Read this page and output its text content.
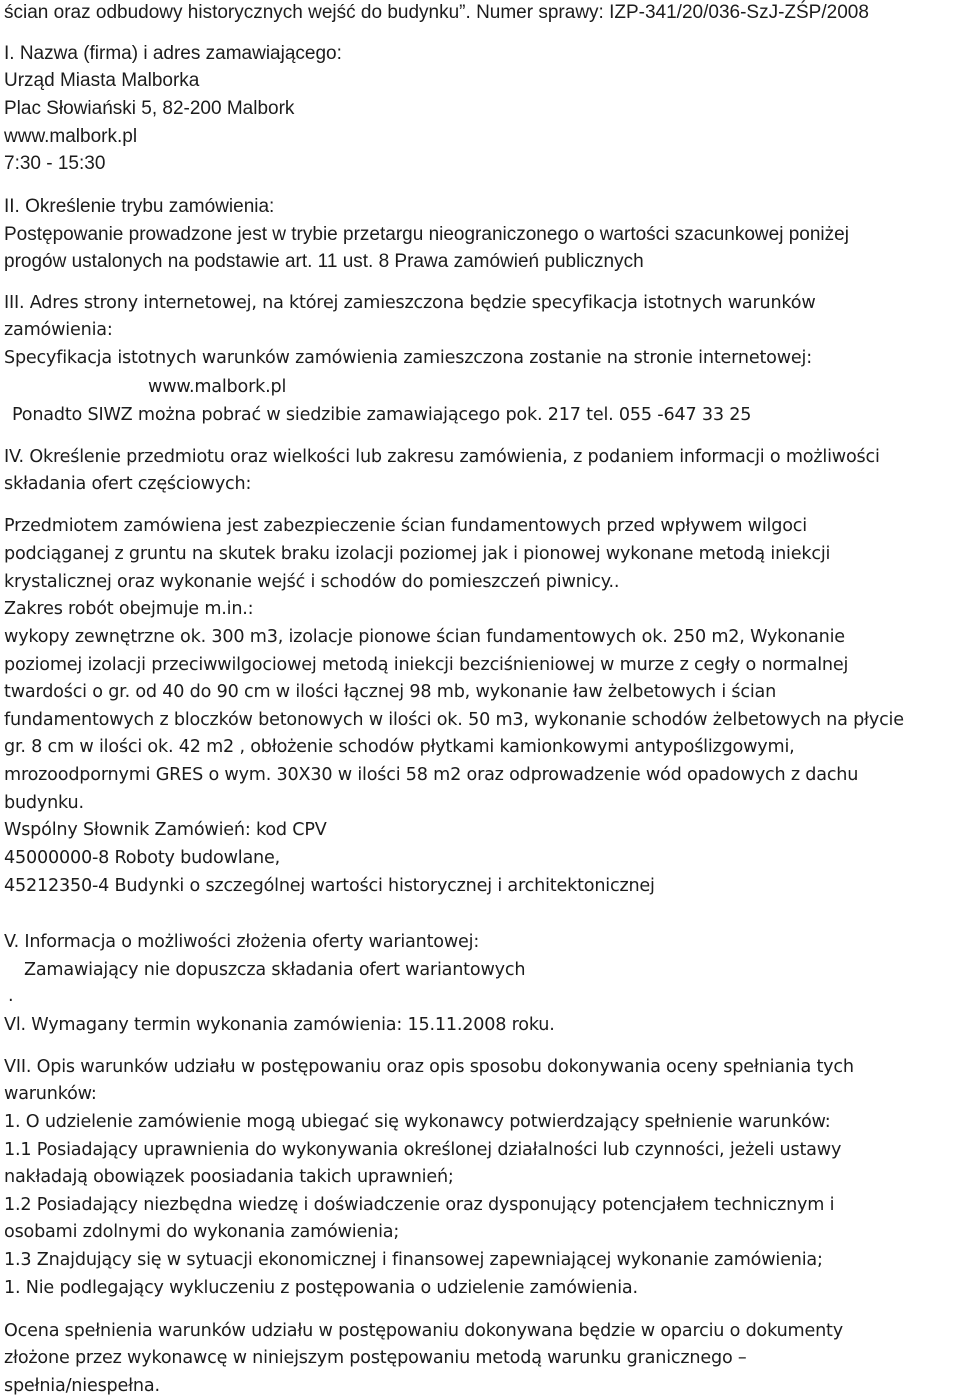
ścian oraz odbudowy historycznych wejść do budynku”. Numer sprawy: IZP-341/20/036-SzJ-ZŚP/2008
I. Nazwa (firma) i adres zamawiającego:
Urząd Miasta Malborka
Plac Słowiański 5, 82-200 Malbork
www.malbork.pl
7:30 - 15:30
II. Określenie trybu zamówienia:
Postępowanie prowadzone jest w trybie przetargu nieograniczonego o wartości szacunkowej poniżej
progów ustalonych na podstawie art. 11 ust. 8 Prawa zamówień publicznych
III. Adres strony internetowej, na której zamieszczona będzie specyfikacja istotnych warunków
zamówienia:
Specyfikacja istotnych warunków zamówienia zamieszczona zostanie na stronie internetowej:
www.malbork.pl
Ponadto SIWZ można pobrać w siedzibie zamawiającego pok. 217 tel. 055 -647 33 25
IV. Określenie przedmiotu oraz wielkości lub zakresu zamówienia, z podaniem informacji o możliwości
składania ofert częściowych:
Przedmiotem zamówiena jest zabezpieczenie ścian fundamentowych przed wpływem wilgoci
podciąganej z gruntu na skutek braku izolacji poziomej jak i pionowej wykonane metodą iniekcji
krystalicznej oraz wykonanie wejść i schodów do pomieszczeń piwnicy..
Zakres robót obejmuje m.in.:
wykopy zewnętrzne ok. 300 m3, izolacje pionowe ścian fundamentowych ok. 250 m2, Wykonanie
poziomej izolacji przeciwwilgociowej metodą iniekcji bezciśnieniowej w murze z cegły o normalnej
twardości o gr. od 40 do 90 cm w ilości łącznej 98 mb, wykonanie ław żelbetowych i ścian
fundamentowych z bloczków betonowych w ilości ok. 50 m3, wykonanie schodów żelbetowych na płycie
gr. 8 cm w ilości ok. 42 m2 , obłożenie schodów płytkami kamionkowymi antypoślizgowymi,
mrozoodpornymi GRES o wym. 30X30 w ilości 58 m2 oraz odprowadzenie wód opadowych z dachu
budynku.
Wspólny Słownik Zamówień: kod CPV
45000000-8 Roboty budowlane,
45212350-4 Budynki o szczególnej wartości historycznej i architektonicznej
V. Informacja o możliwości złożenia oferty wariantowej:
Zamawiający nie dopuszcza składania ofert wariantowych
.
Vl. Wymagany termin wykonania zamówienia: 15.11.2008 roku.
VII. Opis warunków udziału w postępowaniu oraz opis sposobu dokonywania oceny spełniania tych
warunków:
1. O udzielenie zamówienie mogą ubiegać się wykonawcy potwierdzający spełnienie warunków:
1.1 Posiadający uprawnienia do wykonywania określonej działalności lub czynności, jeżeli ustawy
nakładają obowiązek poosiadania takich uprawnień;
1.2 Posiadający niezbędna wiedzę i doświadczenie oraz dysponujący potencjałem technicznym i
osobami zdolnymi do wykonania zamówienia;
1.3 Znajdujący się w sytuacji ekonomicznej i finansowej zapewniającej wykonanie zamówienia;
1. Nie podlegający wykluczeniu z postępowania o udzielenie zamówienia.
Ocena spełnienia warunków udziału w postępowaniu dokonywana będzie w oparciu o dokumenty
złożone przez wykonawcę w niniejszym postępowaniu metodą warunku granicznego –
spełnia/niespełna.
